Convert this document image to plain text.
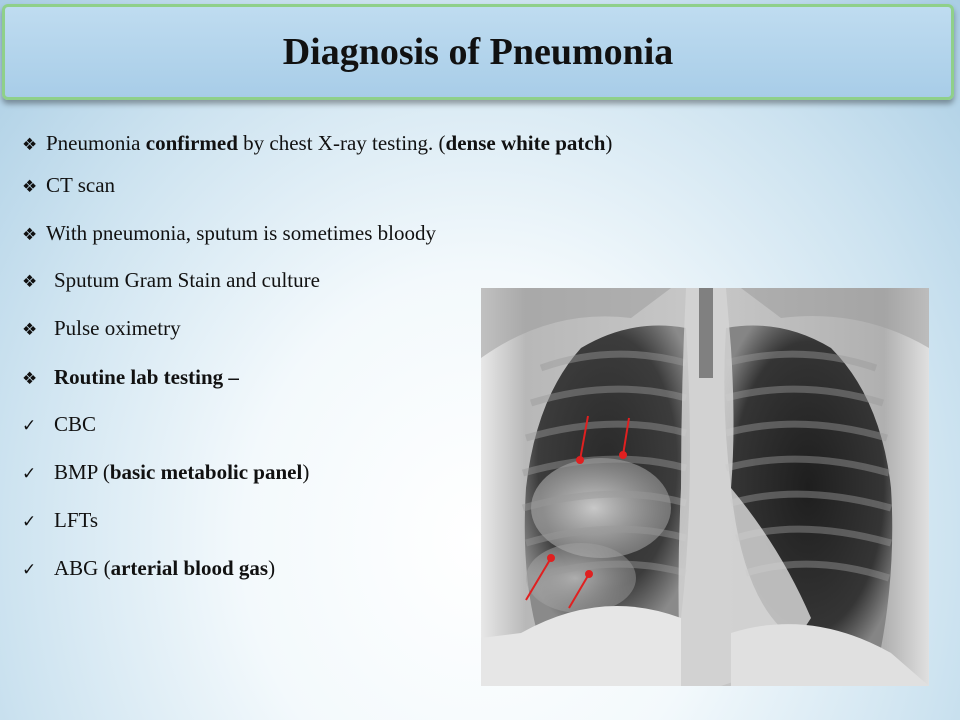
Diagnosis of Pneumonia
❖ Pneumonia confirmed by chest X-ray testing. (dense white patch)
❖ CT scan
❖ With pneumonia, sputum is sometimes bloody
❖ Sputum Gram Stain and culture
❖ Pulse oximetry
❖ Routine lab testing –
✓ CBC
✓ BMP (basic metabolic panel)
✓ LFTs
✓ ABG (arterial blood gas)
